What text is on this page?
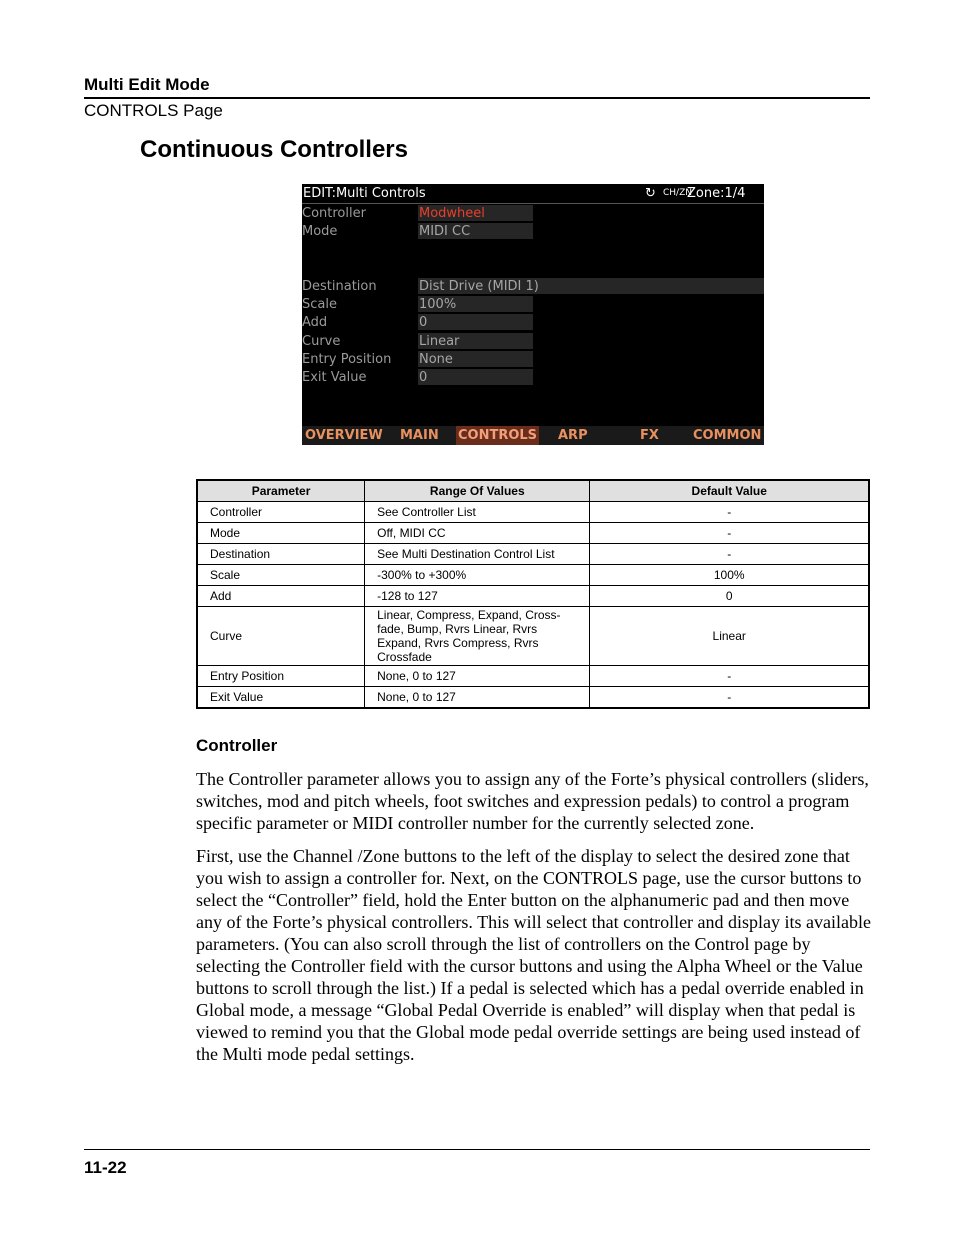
Multi Edit Mode
CONTROLS Page
Continuous Controllers
EDIT:Multi Controls	↻ CH/ZN
Zone:1/4
Controller	Modwheel
Mode	MIDI CC
Destination	Dist Drive (MIDI 1)
Scale	100%
Add	0
Curve	Linear
Entry Position None
Exit Value	0
OVERVIEW MAIN CONTROLS ARP	FX	COMMON
Parameter	Range Of Values	Default Value
Controller	See Controller List	-
Mode	Off, MIDI CC	-
Destination	See Multi Destination Control List	-
Scale	-300% to +300%	100%
Add	-128 to 127	0
Curve	Linear, Compress, Expand, Cross-fade, Bump, Rvrs Linear, Rvrs Expand, Rvrs Compress, Rvrs Crossfade	Linear
Entry Position	None, 0 to 127	-
Exit Value	None, 0 to 127	-
Controller
The Controller parameter allows you to assign any of the Forte’s physical controllers (sliders, switches, mod and pitch wheels, foot switches and expression pedals) to control a program specific parameter or MIDI controller number for the currently selected zone.
First, use the Channel /Zone buttons to the left of the display to select the desired zone that you wish to assign a controller for. Next, on the CONTROLS page, use the cursor buttons to select the “Controller” field, hold the Enter button on the alphanumeric pad and then move any of the Forte’s physical controllers. This will select that controller and display its available parameters. (You can also scroll through the list of controllers on the Control page by selecting the Controller field with the cursor buttons and using the Alpha Wheel or the Value buttons to scroll through the list.) If a pedal is selected which has a pedal override enabled in Global mode, a message “Global Pedal Override is enabled” will display when that pedal is viewed to remind you that the Global mode pedal override settings are being used instead of the Multi mode pedal settings.
11-22
